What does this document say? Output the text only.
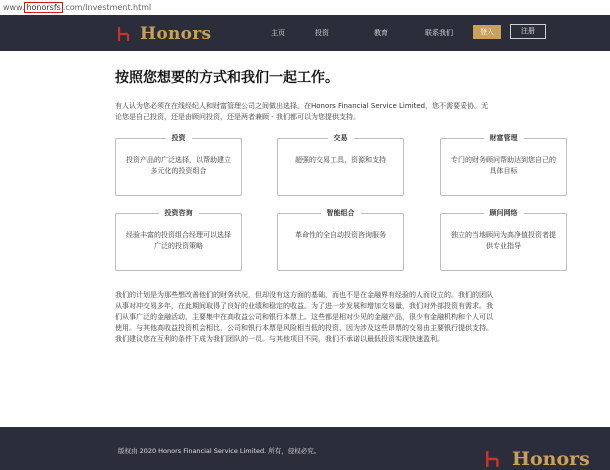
www. honorsfs .com/Investment.html
Honors	主页	投资	教育	联系我们	登入	注册
按照您想要的方式和我们一起工作。
有人认为您必须在在线经纪人和财富管理公司之间做出选择。在Honors Financial Service Limited，您不需要妥协。无论您是自己投资，还是由顾问投资，还是两者兼顾 - 我们都可以为您提供支持。
投资
投资产品的广泛选择，以帮助建立多元化的投资组合
交易
超强的交易工具，资源和支持
财富管理
专门的财务顾问帮助达到您自己的具体目标
投资咨询
经验丰富的投资组合经理可以选择广泛的投资策略
智能组合
革命性的全自动投资咨询服务
顾问网络
独立的当地顾问为高净值投资者提供专业指导
我们的计划是为那些想改善他们的财务状况，但却没有这方面的基础，而也不是在金融界有经验的人而设立的。我们的团队从事对冲交易多年，在此期间取得了良好的业绩和稳定的收益。为了进一步发展和增加交易量，我们对外部投资有需求。我们从事广泛的金融活动，主要集中在高收益公司和银行本票上。这些都是相对少见的金融产品，很少有金融机构和个人可以使用。与其他高收益投资机会相比，公司和银行本票是风险相当低的投资，因为涉及这些昂票的交易由主要银行提供支持。我们建议您在互利的条件下成为我们团队的一员。与其他项目不同，我们不承诺以最低投资实现快速盈利。
版权由 2020 Honors Financial Service Limited. 所有，侵权必究。	Honors
